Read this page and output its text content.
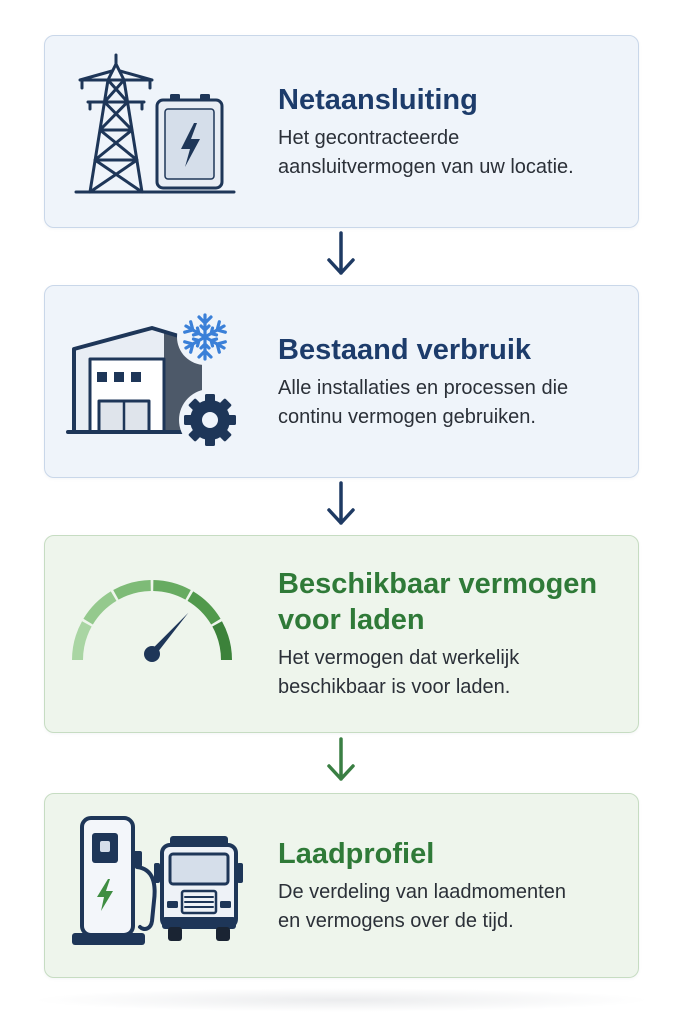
Netaansluiting
Het gecontracteerde
aansluitvermogen van uw locatie.
Bestaand verbruik
Alle installaties en processen die
continu vermogen gebruiken.
Beschikbaar vermogen
voor laden
Het vermogen dat werkelijk
beschikbaar is voor laden.
Laadprofiel
De verdeling van laadmomenten
en vermogens over de tijd.
